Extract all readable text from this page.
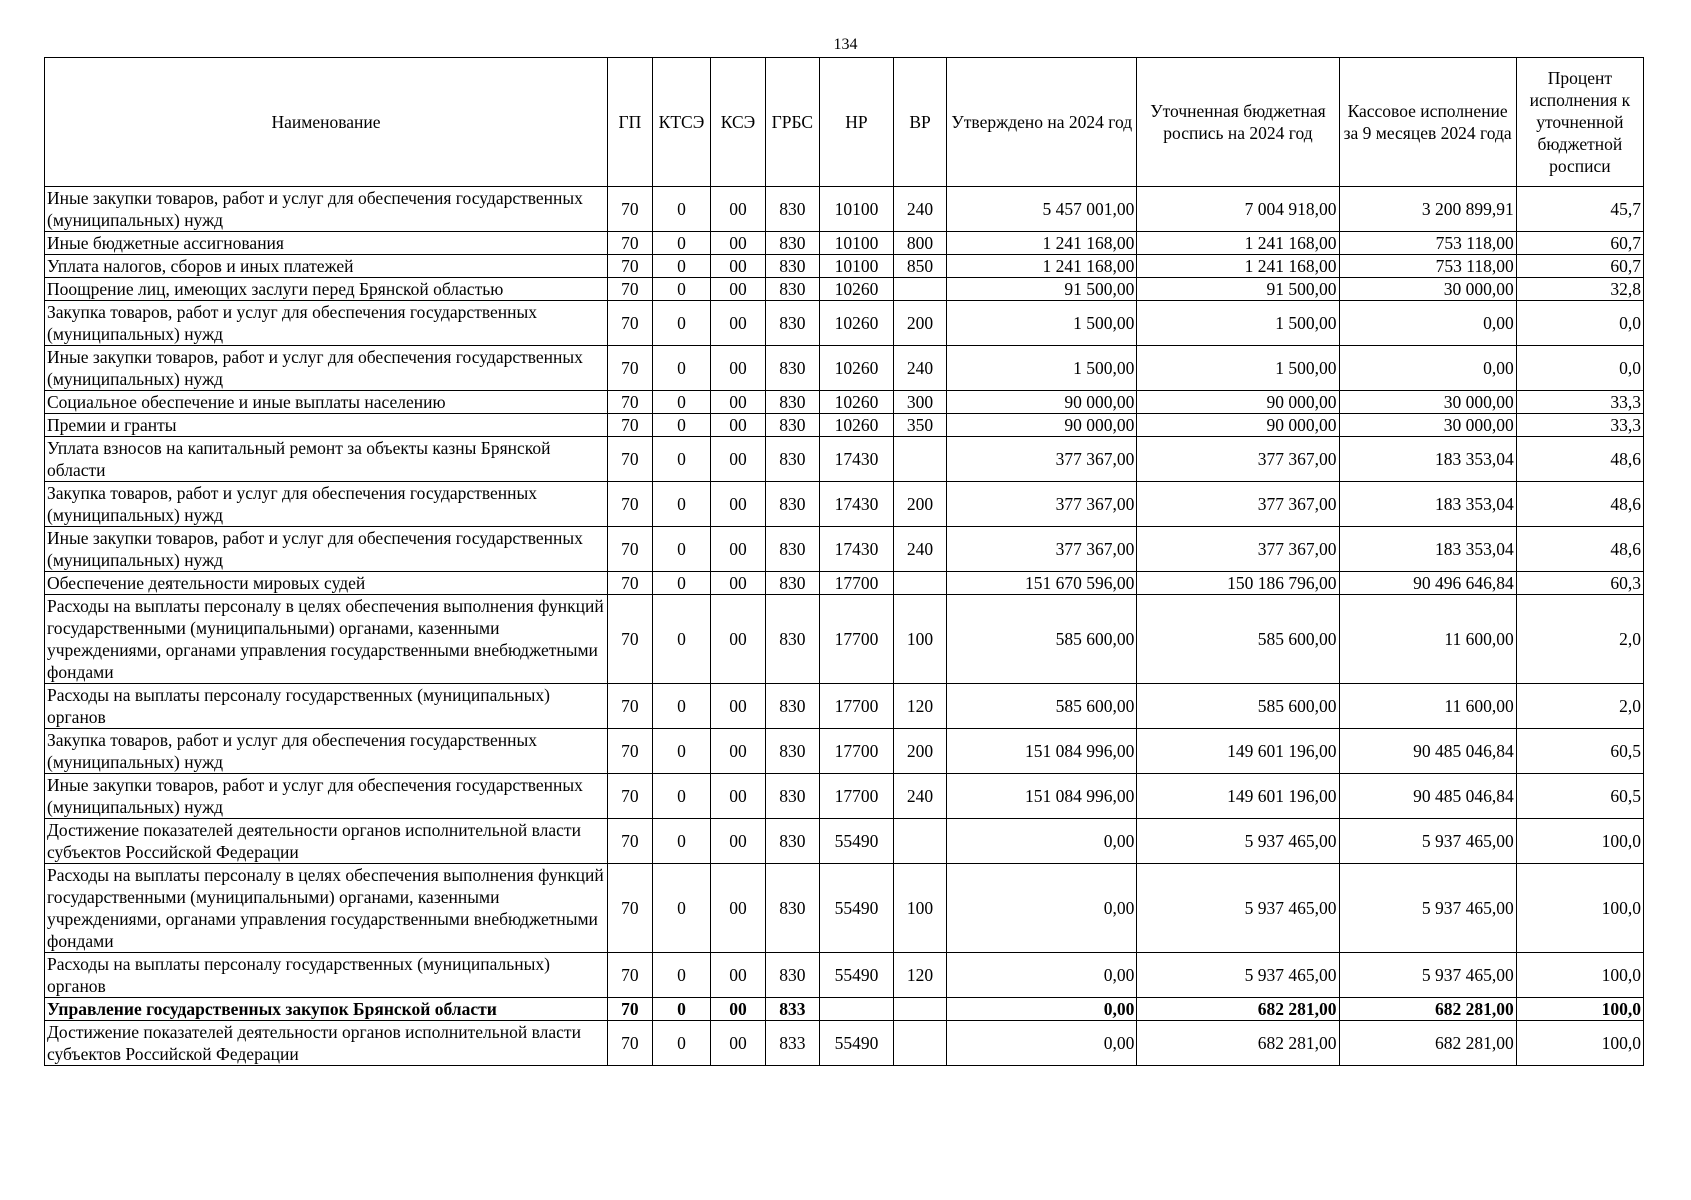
134
Наименование	ГП	КТСЭ	КСЭ	ГРБС	НР	ВР	Утверждено на 2024 год	Уточненная бюджетная роспись на 2024 год	Кассовое исполнение за 9 месяцев 2024 года	Процент исполнения к уточненной бюджетной росписи
Иные закупки товаров, работ и услуг для обеспечения государственных (муниципальных) нужд	70	0	00	830	10100	240	5 457 001,00	7 004 918,00	3 200 899,91	45,7
Иные бюджетные ассигнования	70	0	00	830	10100	800	1 241 168,00	1 241 168,00	753 118,00	60,7
Уплата налогов, сборов и иных платежей	70	0	00	830	10100	850	1 241 168,00	1 241 168,00	753 118,00	60,7
Поощрение лиц, имеющих заслуги перед Брянской областью	70	0	00	830	10260		91 500,00	91 500,00	30 000,00	32,8
Закупка товаров, работ и услуг для обеспечения государственных (муниципальных) нужд	70	0	00	830	10260	200	1 500,00	1 500,00	0,00	0,0
Иные закупки товаров, работ и услуг для обеспечения государственных (муниципальных) нужд	70	0	00	830	10260	240	1 500,00	1 500,00	0,00	0,0
Социальное обеспечение и иные выплаты населению	70	0	00	830	10260	300	90 000,00	90 000,00	30 000,00	33,3
Премии и гранты	70	0	00	830	10260	350	90 000,00	90 000,00	30 000,00	33,3
Уплата взносов на капитальный ремонт за объекты казны Брянской области	70	0	00	830	17430		377 367,00	377 367,00	183 353,04	48,6
Закупка товаров, работ и услуг для обеспечения государственных (муниципальных) нужд	70	0	00	830	17430	200	377 367,00	377 367,00	183 353,04	48,6
Иные закупки товаров, работ и услуг для обеспечения государственных (муниципальных) нужд	70	0	00	830	17430	240	377 367,00	377 367,00	183 353,04	48,6
Обеспечение деятельности мировых судей	70	0	00	830	17700		151 670 596,00	150 186 796,00	90 496 646,84	60,3
Расходы на выплаты персоналу в целях обеспечения выполнения функций государственными (муниципальными) органами, казенными учреждениями, органами управления государственными внебюджетными фондами	70	0	00	830	17700	100	585 600,00	585 600,00	11 600,00	2,0
Расходы на выплаты персоналу государственных (муниципальных) органов	70	0	00	830	17700	120	585 600,00	585 600,00	11 600,00	2,0
Закупка товаров, работ и услуг для обеспечения государственных (муниципальных) нужд	70	0	00	830	17700	200	151 084 996,00	149 601 196,00	90 485 046,84	60,5
Иные закупки товаров, работ и услуг для обеспечения государственных (муниципальных) нужд	70	0	00	830	17700	240	151 084 996,00	149 601 196,00	90 485 046,84	60,5
Достижение показателей деятельности органов исполнительной власти субъектов Российской Федерации	70	0	00	830	55490		0,00	5 937 465,00	5 937 465,00	100,0
Расходы на выплаты персоналу в целях обеспечения выполнения функций государственными (муниципальными) органами, казенными учреждениями, органами управления государственными внебюджетными фондами	70	0	00	830	55490	100	0,00	5 937 465,00	5 937 465,00	100,0
Расходы на выплаты персоналу государственных (муниципальных) органов	70	0	00	830	55490	120	0,00	5 937 465,00	5 937 465,00	100,0
Управление государственных закупок Брянской области	70	0	00	833			0,00	682 281,00	682 281,00	100,0
Достижение показателей деятельности органов исполнительной власти субъектов Российской Федерации	70	0	00	833	55490		0,00	682 281,00	682 281,00	100,0
